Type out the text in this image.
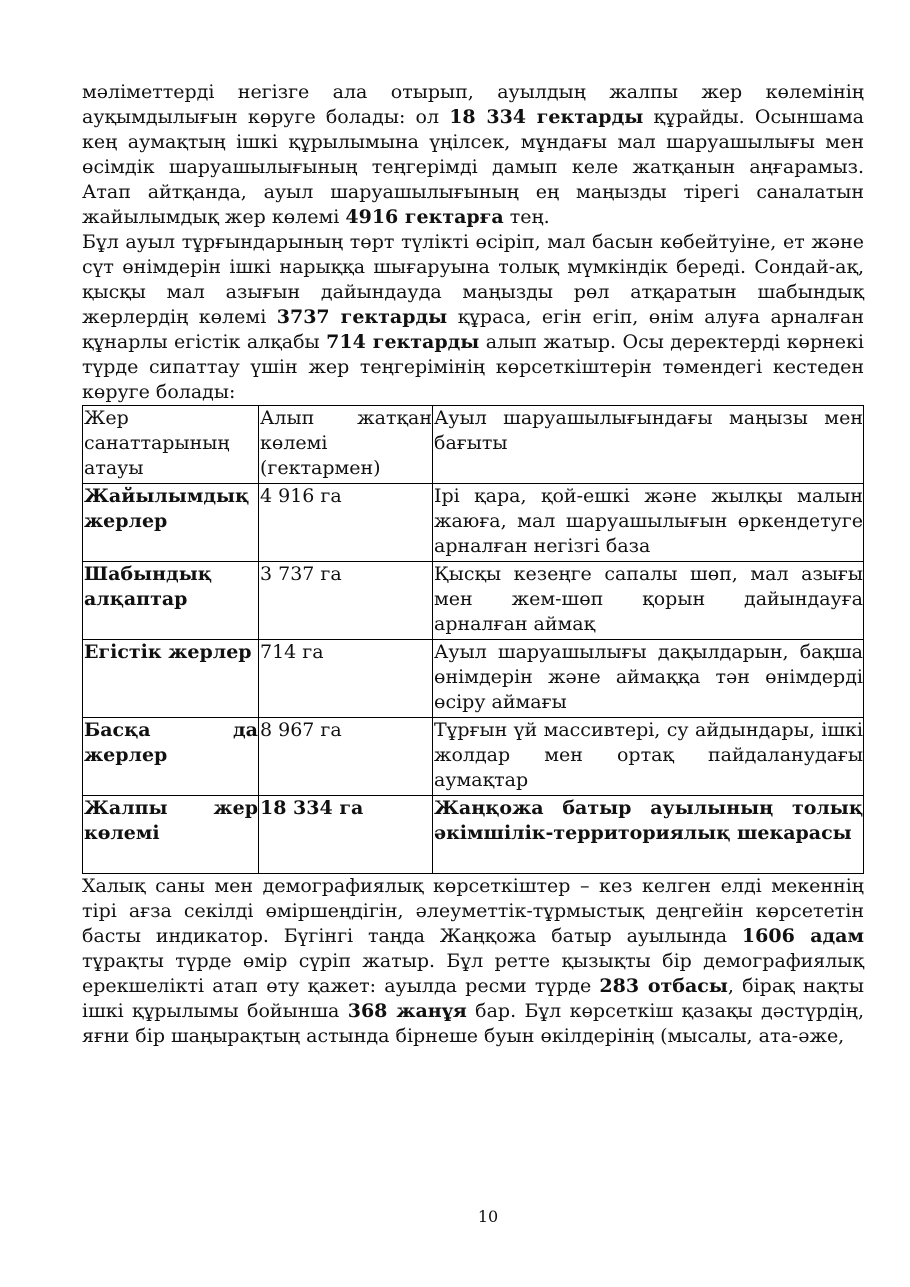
мәліметтерді негізге ала отырып, ауылдың жалпы жер көлемінің ауқымдылығын көруге болады: ол 18 334 гектарды құрайды. Осыншама кең аумақтың ішкі құрылымына үңілсек, мұндағы мал шаруашылығы мен өсімдік шаруашылығының теңгерімді дамып келе жатқанын аңғарамыз. Атап айтқанда, ауыл шаруашылығының ең маңызды тірегі саналатын жайылымдық жер көлемі 4916 гектарға тең.

Бұл ауыл тұрғындарының төрт түлікті өсіріп, мал басын көбейтуіне, ет және сүт өнімдерін ішкі нарыққа шығаруына толық мүмкіндік береді. Сондай-ақ, қысқы мал азығын дайындауда маңызды рөл атқаратын шабындық жерлердің көлемі 3737 гектарды құраса, егін егіп, өнім алуға арналған құнарлы егістік алқабы 714 гектарды алып жатыр. Осы деректерді көрнекі түрде сипаттау үшін жер теңгерімінің көрсеткіштерін төмендегі кестеден көруге болады:

Жер санаттарының атауы	Алып жатқан көлемі (гектармен)	Ауыл шаруашылығындағы маңызы мен бағыты
Жайылымдық жерлер	4 916 га	Ірі қара, қой-ешкі және жылқы малын жаюға, мал шаруашылығын өркендетуге арналған негізгі база
Шабындық алқаптар	3 737 га	Қысқы кезеңге сапалы шөп, мал азығы мен жем-шөп қорын дайындауға арналған аймақ
Егістік жерлер	714 га	Ауыл шаруашылығы дақылдарын, бақша өнімдерін және аймаққа тән өнімдерді өсіру аймағы
Басқа да жерлер	8 967 га	Тұрғын үй массивтері, су айдындары, ішкі жолдар мен ортақ пайдаланудағы аумақтар
Жалпы жер көлемі	18 334 га	Жаңқожа батыр ауылының толық әкімшілік-территориялық шекарасы

Халық саны мен демографиялық көрсеткіштер – кез келген елді мекеннің тірі ағза секілді өміршеңдігін, әлеуметтік-тұрмыстық деңгейін көрсететін басты индикатор. Бүгінгі таңда Жаңқожа батыр ауылында 1606 адам тұрақты түрде өмір сүріп жатыр. Бұл ретте қызықты бір демографиялық ерекшелікті атап өту қажет: ауылда ресми түрде 283 отбасы, бірақ нақты ішкі құрылымы бойынша 368 жанұя бар. Бұл көрсеткіш қазақы дәстүрдің, яғни бір шаңырақтың астында бірнеше буын өкілдерінің (мысалы, ата-әже,

10
